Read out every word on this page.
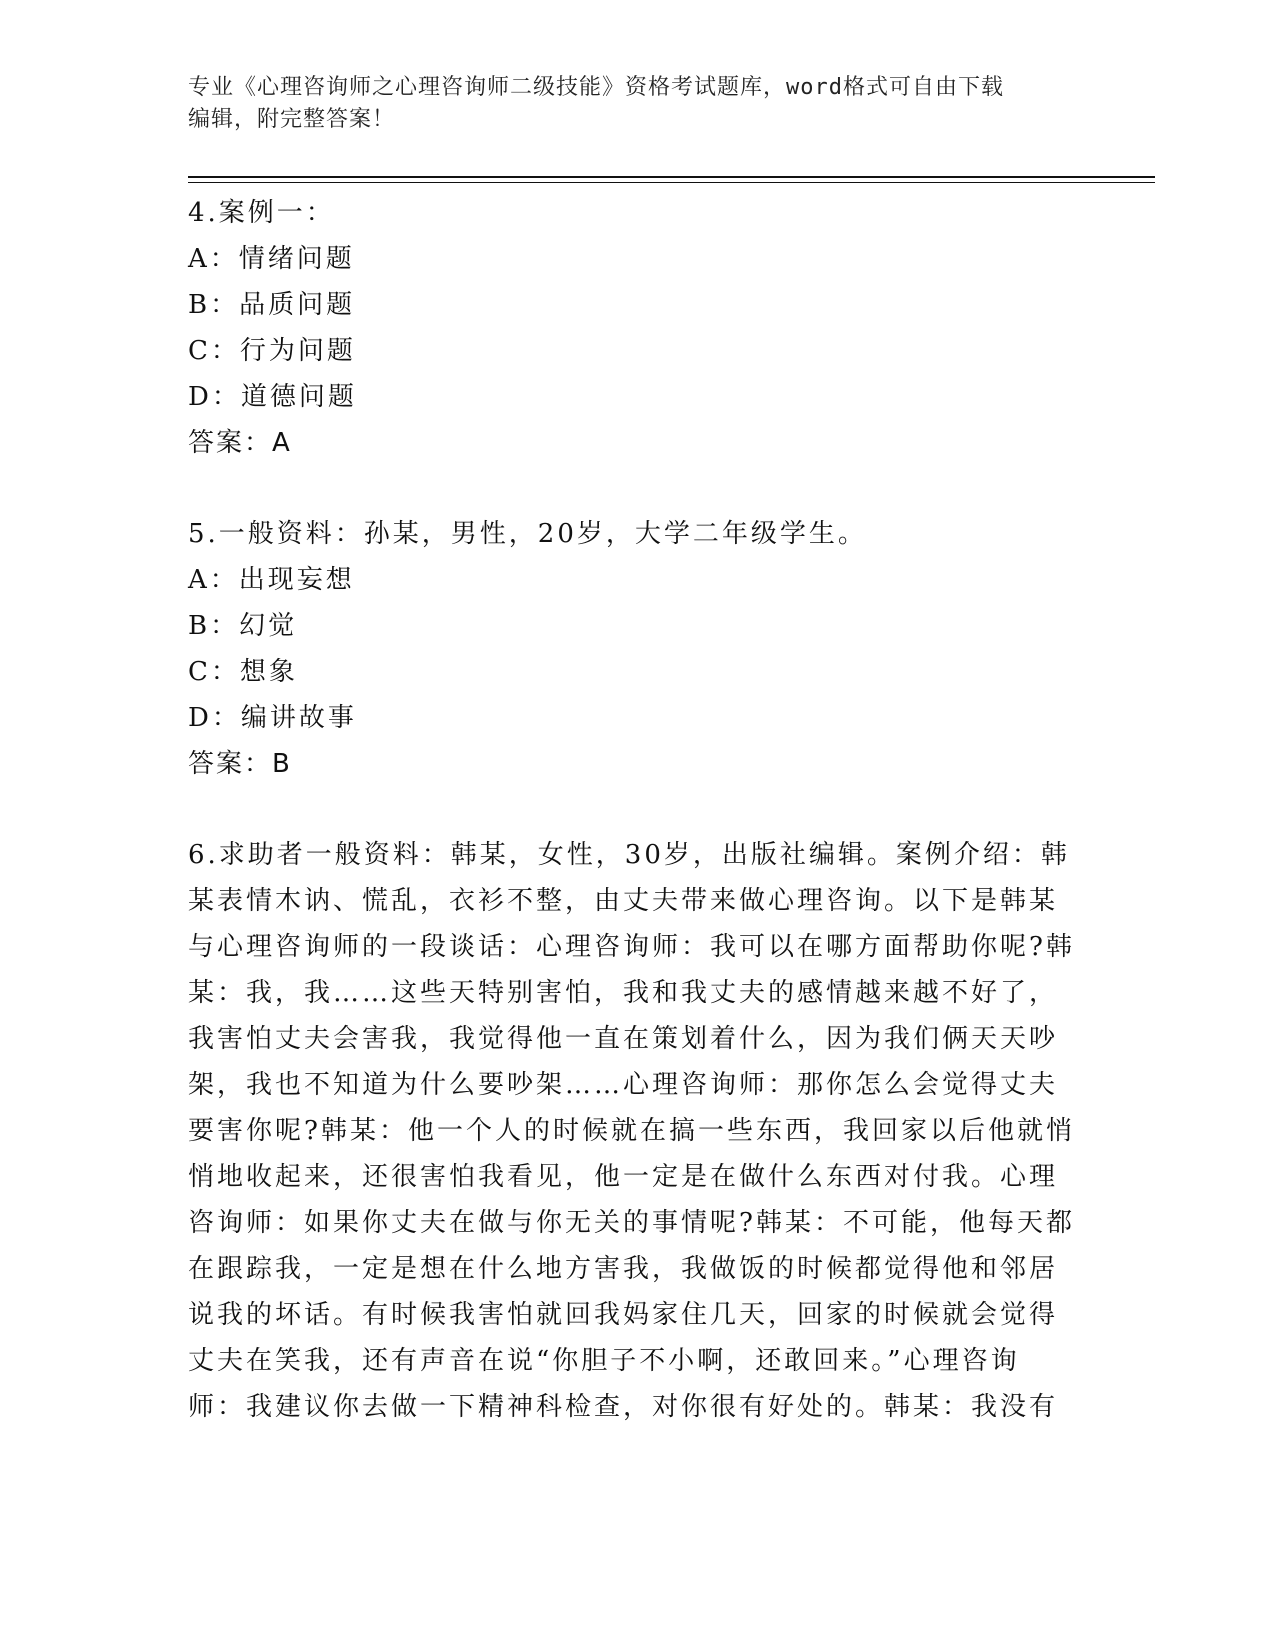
专业《心理咨询师之心理咨询师二级技能》资格考试题库，word格式可自由下载
编辑，附完整答案！
4.案例一：
A：情绪问题
B：品质问题
C：行为问题
D：道德问题
答案：A
5.一般资料：孙某，男性，20岁，大学二年级学生。
A：出现妄想
B：幻觉
C：想象
D：编讲故事
答案：B
6.求助者一般资料：韩某，女性，30岁，出版社编辑。案例介绍：韩
某表情木讷、慌乱，衣衫不整，由丈夫带来做心理咨询。以下是韩某
与心理咨询师的一段谈话：心理咨询师：我可以在哪方面帮助你呢?韩
某：我，我……这些天特别害怕，我和我丈夫的感情越来越不好了，
我害怕丈夫会害我，我觉得他一直在策划着什么，因为我们俩天天吵
架，我也不知道为什么要吵架……心理咨询师：那你怎么会觉得丈夫
要害你呢?韩某：他一个人的时候就在搞一些东西，我回家以后他就悄
悄地收起来，还很害怕我看见，他一定是在做什么东西对付我。心理
咨询师：如果你丈夫在做与你无关的事情呢?韩某：不可能，他每天都
在跟踪我，一定是想在什么地方害我，我做饭的时候都觉得他和邻居
说我的坏话。有时候我害怕就回我妈家住几天，回家的时候就会觉得
丈夫在笑我，还有声音在说“你胆子不小啊，还敢回来。”心理咨询
师：我建议你去做一下精神科检查，对你很有好处的。韩某：我没有
